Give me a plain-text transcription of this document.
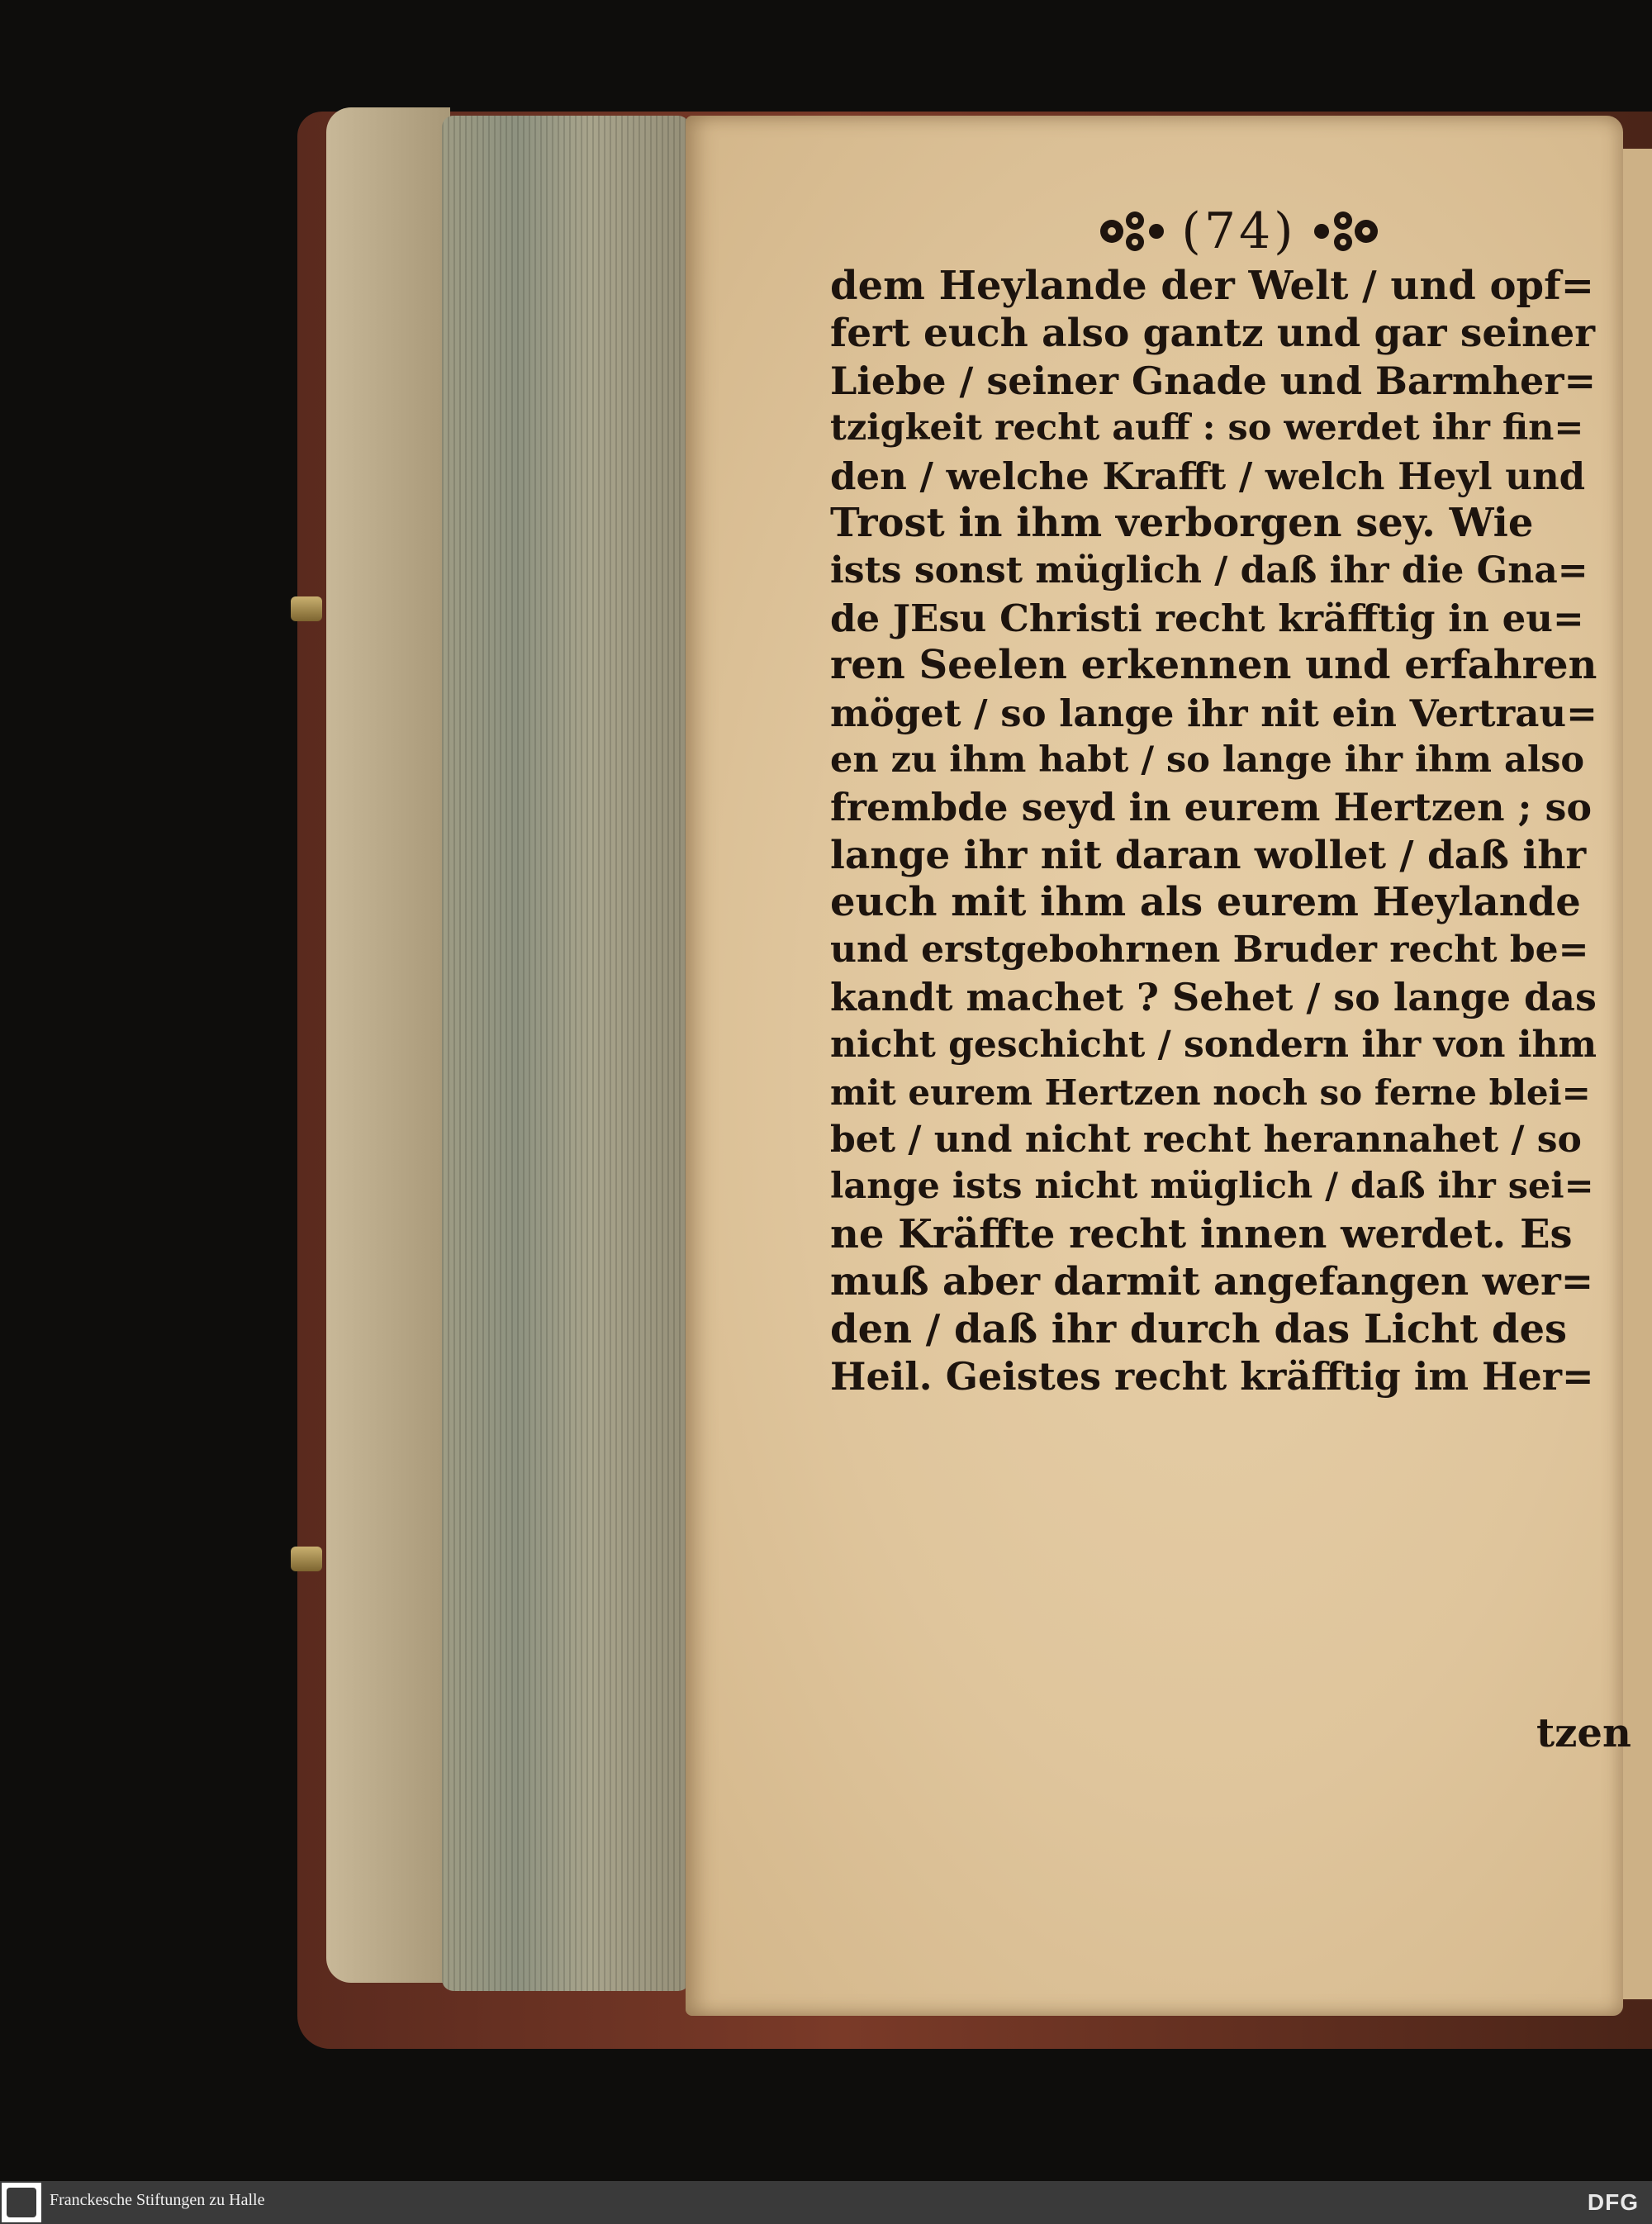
(74)
dem Heylande der Welt / und opf=
fert euch also gantz und gar seiner
Liebe / seiner Gnade und Barmher=
tzigkeit recht auff : so werdet ihr fin=
den / welche Krafft / welch Heyl und
Trost in ihm verborgen sey. Wie
ists sonst müglich / daß ihr die Gna=
de JEsu Christi recht kräfftig in eu=
ren Seelen erkennen und erfahren
möget / so lange ihr nit ein Vertrau=
en zu ihm habt / so lange ihr ihm also
frembde seyd in eurem Hertzen ; so
lange ihr nit daran wollet / daß ihr
euch mit ihm als eurem Heylande
und erstgebohrnen Bruder recht be=
kandt machet ? Sehet / so lange das
nicht geschicht / sondern ihr von ihm
mit eurem Hertzen noch so ferne blei=
bet / und nicht recht herannahet / so
lange ists nicht müglich / daß ihr sei=
ne Kräffte recht innen werdet. Es
muß aber darmit angefangen wer=
den / daß ihr durch das Licht des
Heil. Geistes recht kräfftig im Her=
tzen
Franckesche Stiftungen zu Halle	DFG
